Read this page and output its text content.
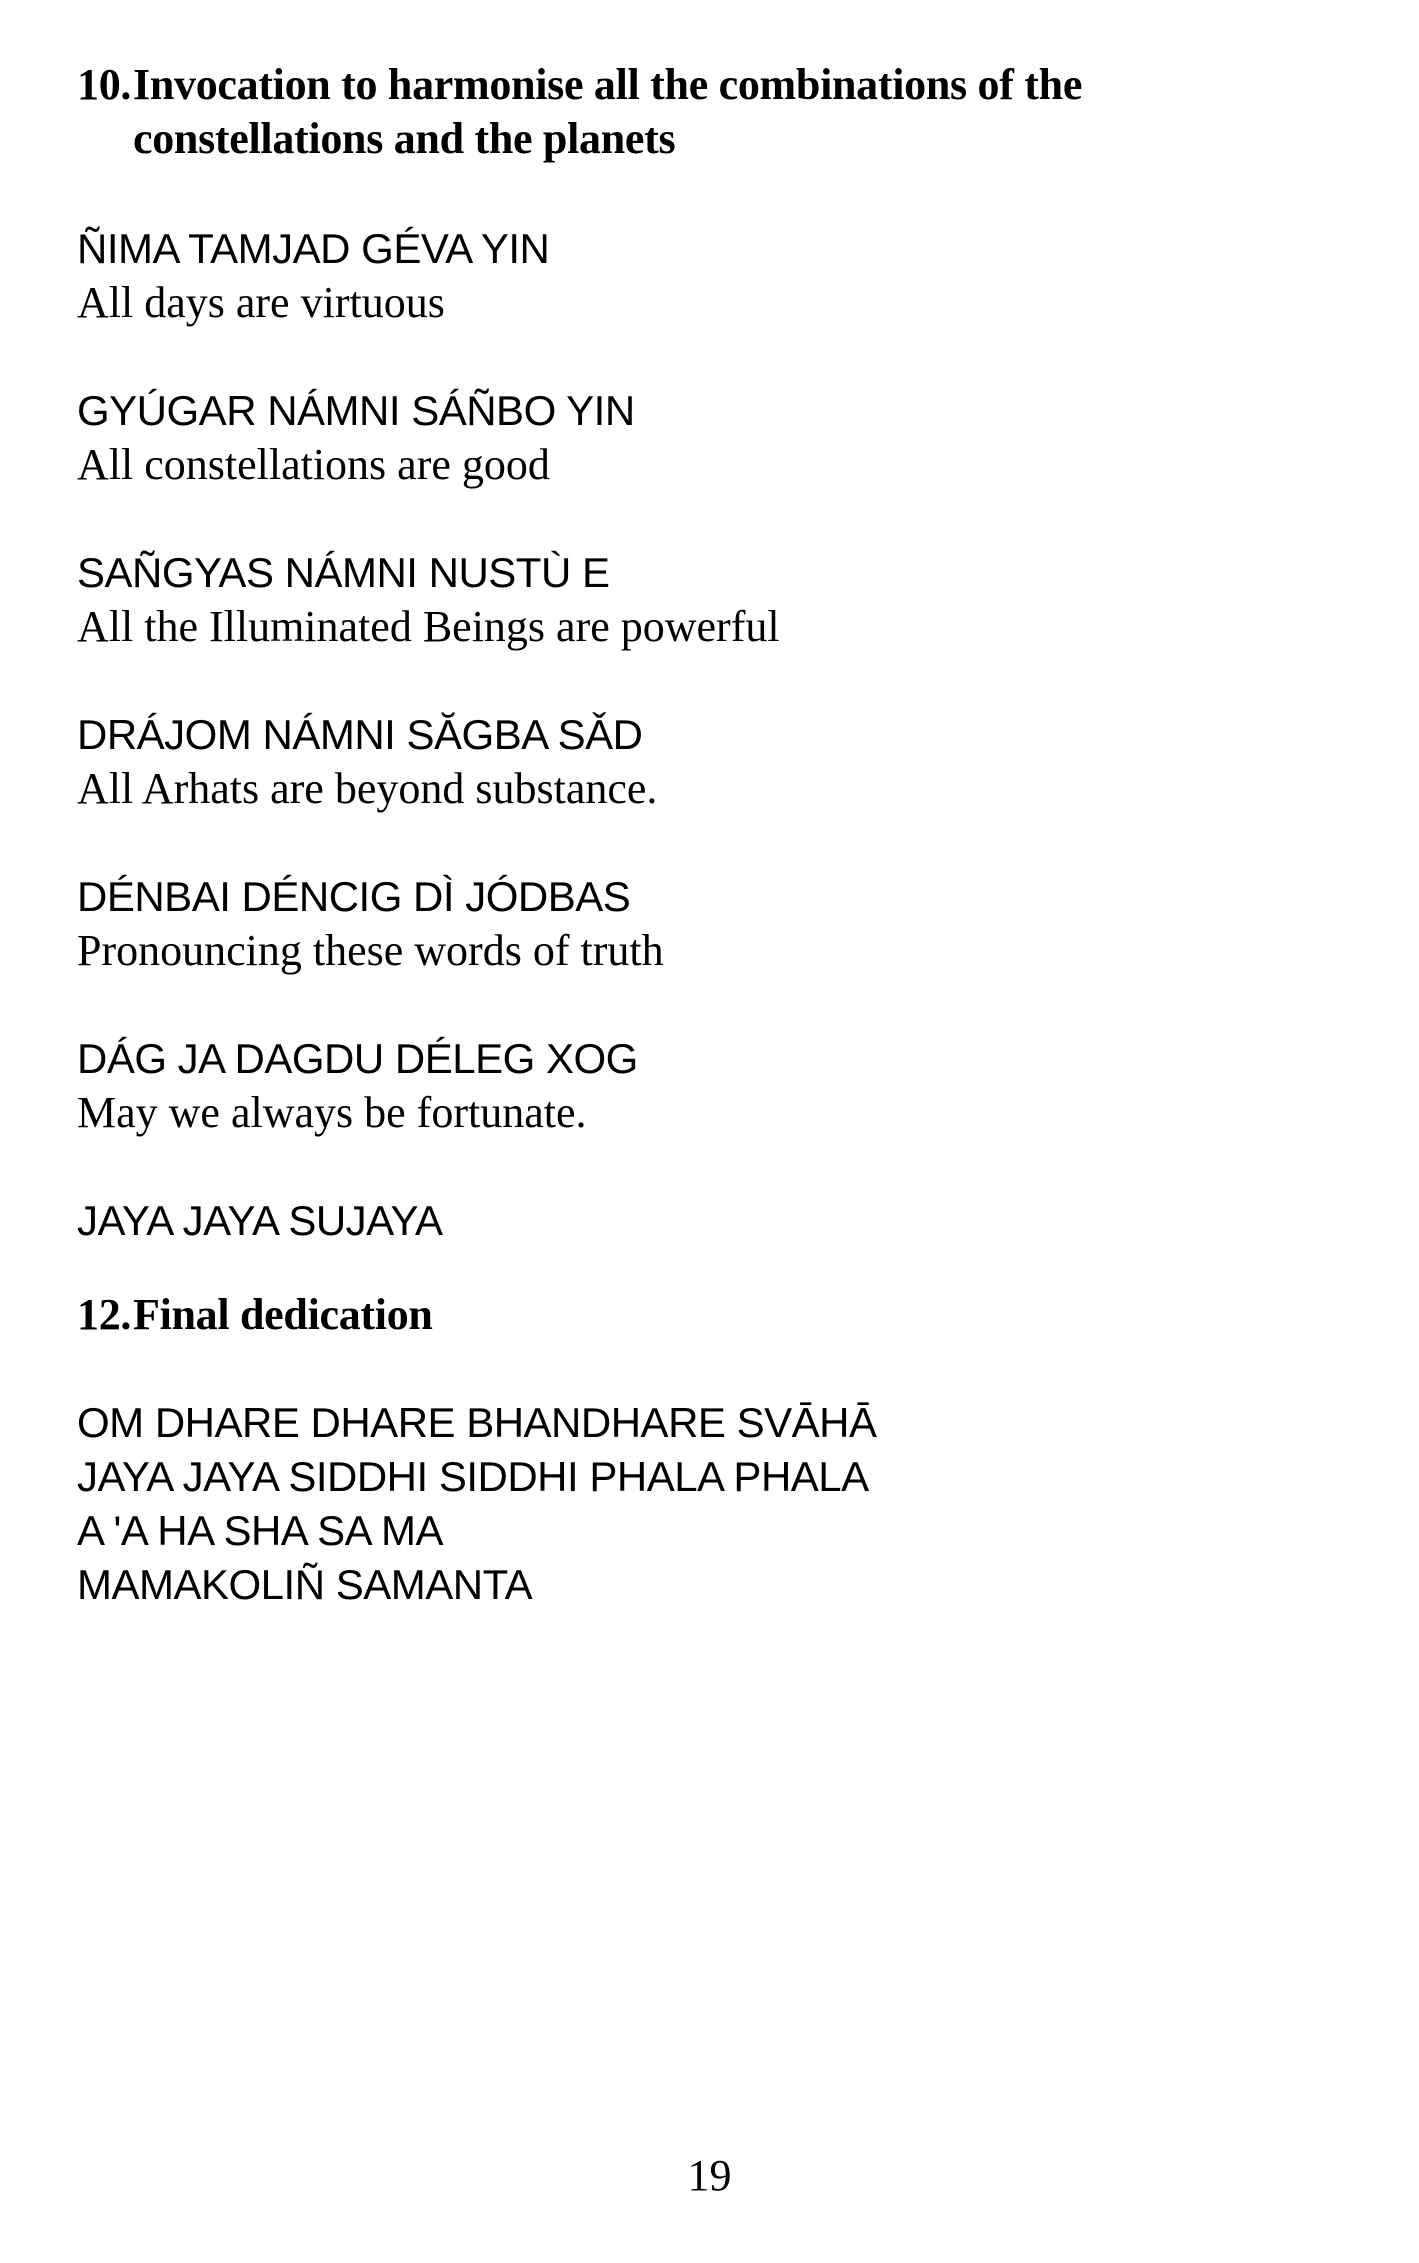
10.Invocation to harmonise all the combinations of the
constellations and the planets

ÑIMA TAMJAD GÉVA YIN

All days are virtuous

GYÚGAR NÁMNI SÁÑBO YIN

All constellations are good

SAÑGYAS NÁMNI NUSTÙ E

All the Illuminated Beings are powerful

DRÁJOM NÁMNI SĂGBA SǍD

All Arhats are beyond substance.

DÉNBAI DÉNCIG DÌ JÓDBAS

Pronouncing these words of truth

DÁG JA DAGDU DÉLEG XOG

May we always be fortunate.

JAYA JAYA SUJAYA

12.Final dedication

OM DHARE DHARE BHANDHARE SVĀHĀ

JAYA JAYA SIDDHI SIDDHI PHALA PHALA

A 'A HA SHA SA MA

MAMAKOLIÑ SAMANTA

19
